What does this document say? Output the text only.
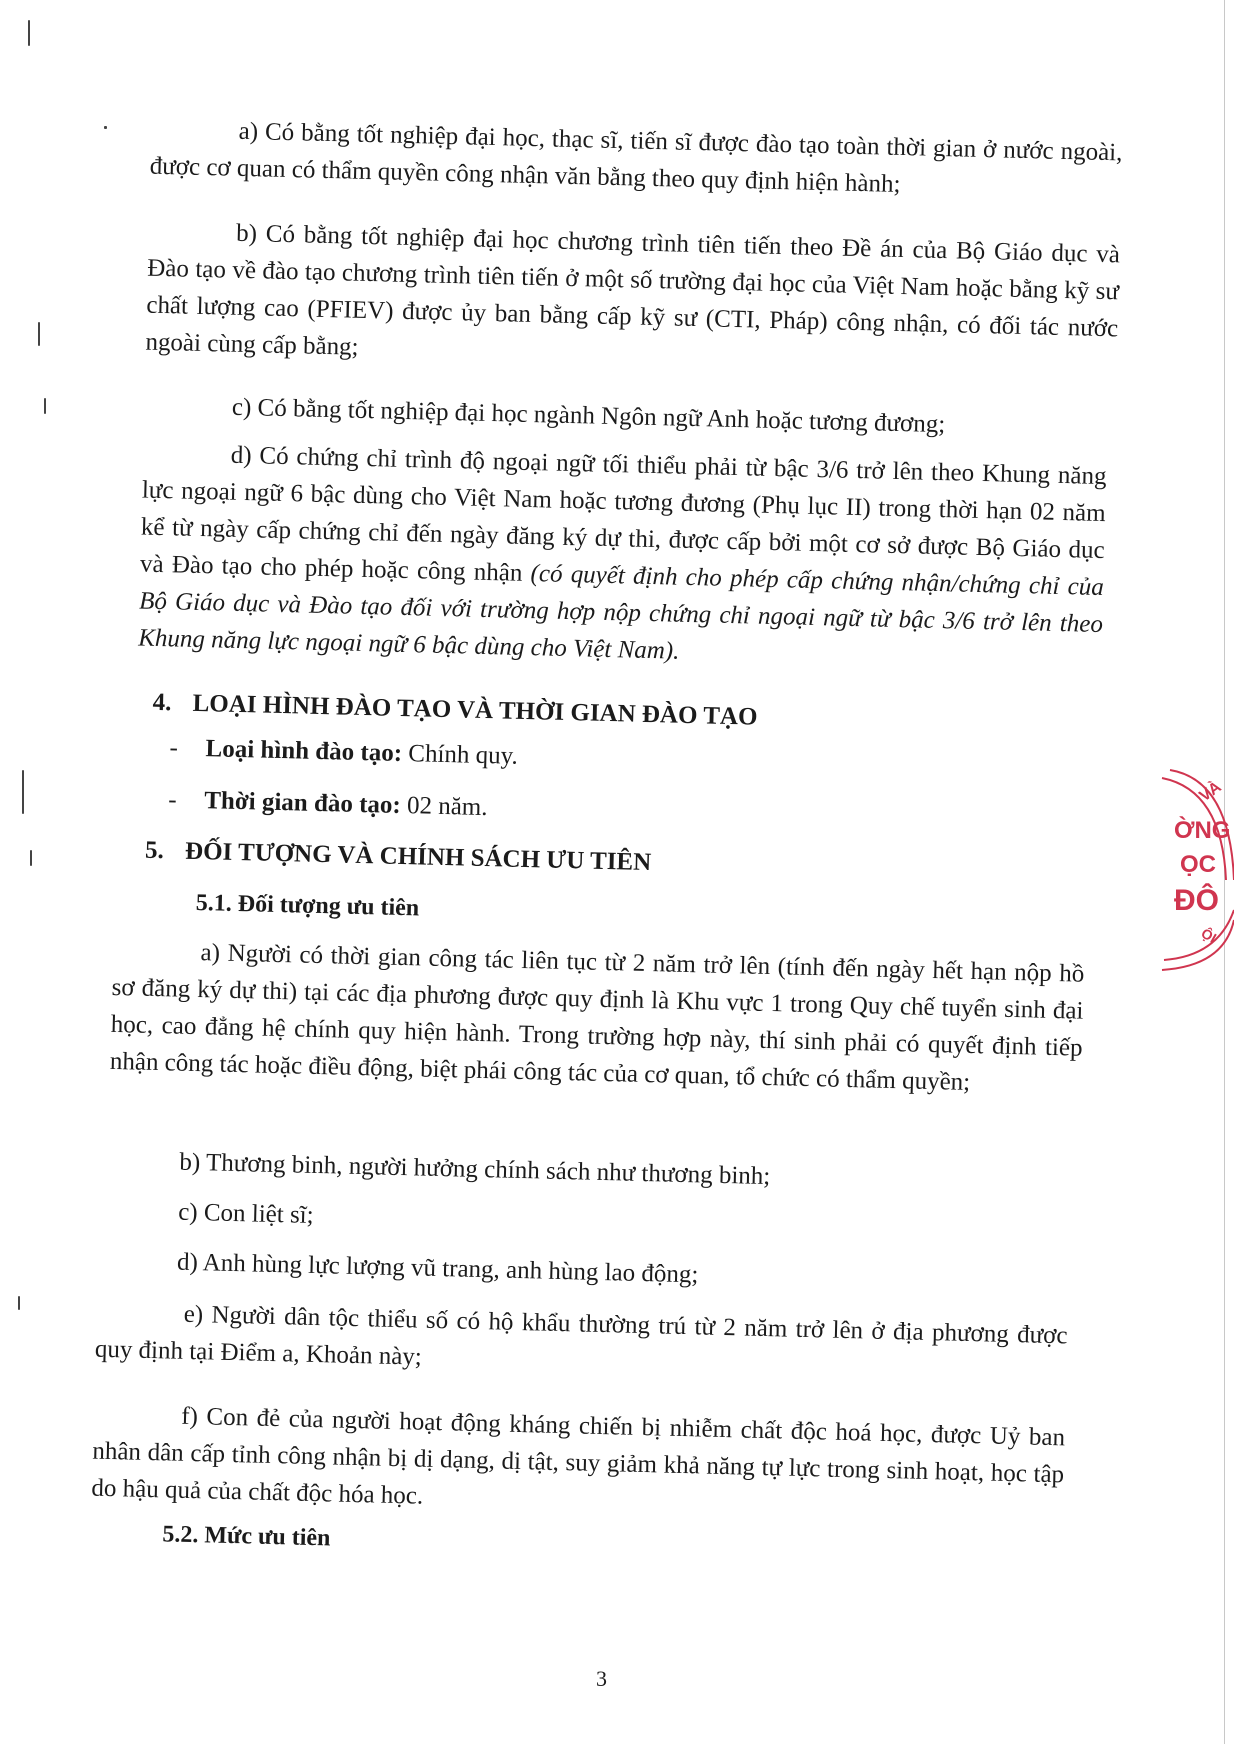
a) Có bằng tốt nghiệp đại học, thạc sĩ, tiến sĩ được đào tạo toàn thời gian ở nước ngoài, được cơ quan có thẩm quyền công nhận văn bằng theo quy định hiện hành;
b) Có bằng tốt nghiệp đại học chương trình tiên tiến theo Đề án của Bộ Giáo dục và Đào tạo về đào tạo chương trình tiên tiến ở một số trường đại học của Việt Nam hoặc bằng kỹ sư chất lượng cao (PFIEV) được ủy ban bằng cấp kỹ sư (CTI, Pháp) công nhận, có đối tác nước ngoài cùng cấp bằng;
c) Có bằng tốt nghiệp đại học ngành Ngôn ngữ Anh hoặc tương đương;
d) Có chứng chỉ trình độ ngoại ngữ tối thiểu phải từ bậc 3/6 trở lên theo Khung năng lực ngoại ngữ 6 bậc dùng cho Việt Nam hoặc tương đương (Phụ lục II) trong thời hạn 02 năm kể từ ngày cấp chứng chỉ đến ngày đăng ký dự thi, được cấp bởi một cơ sở được Bộ Giáo dục và Đào tạo cho phép hoặc công nhận (có quyết định cho phép cấp chứng nhận/chứng chỉ của Bộ Giáo dục và Đào tạo đối với trường hợp nộp chứng chỉ ngoại ngữ từ bậc 3/6 trở lên theo Khung năng lực ngoại ngữ 6 bậc dùng cho Việt Nam).
4. LOẠI HÌNH ĐÀO TẠO VÀ THỜI GIAN ĐÀO TẠO
- Loại hình đào tạo: Chính quy.
- Thời gian đào tạo: 02 năm.
5. ĐỐI TƯỢNG VÀ CHÍNH SÁCH ƯU TIÊN
5.1. Đối tượng ưu tiên
a) Người có thời gian công tác liên tục từ 2 năm trở lên (tính đến ngày hết hạn nộp hồ sơ đăng ký dự thi) tại các địa phương được quy định là Khu vực 1 trong Quy chế tuyển sinh đại học, cao đẳng hệ chính quy hiện hành. Trong trường hợp này, thí sinh phải có quyết định tiếp nhận công tác hoặc điều động, biệt phái công tác của cơ quan, tổ chức có thẩm quyền;
b) Thương binh, người hưởng chính sách như thương binh;
c) Con liệt sĩ;
d) Anh hùng lực lượng vũ trang, anh hùng lao động;
e) Người dân tộc thiểu số có hộ khẩu thường trú từ 2 năm trở lên ở địa phương được quy định tại Điểm a, Khoản này;
f) Con đẻ của người hoạt động kháng chiến bị nhiễm chất độc hoá học, được Uỷ ban nhân dân cấp tỉnh công nhận bị dị dạng, dị tật, suy giảm khả năng tự lực trong sinh hoạt, học tập do hậu quả của chất độc hóa học.
5.2. Mức ưu tiên
3
VÀ
ỜNG
ỌC
ĐÔ
ỘI
